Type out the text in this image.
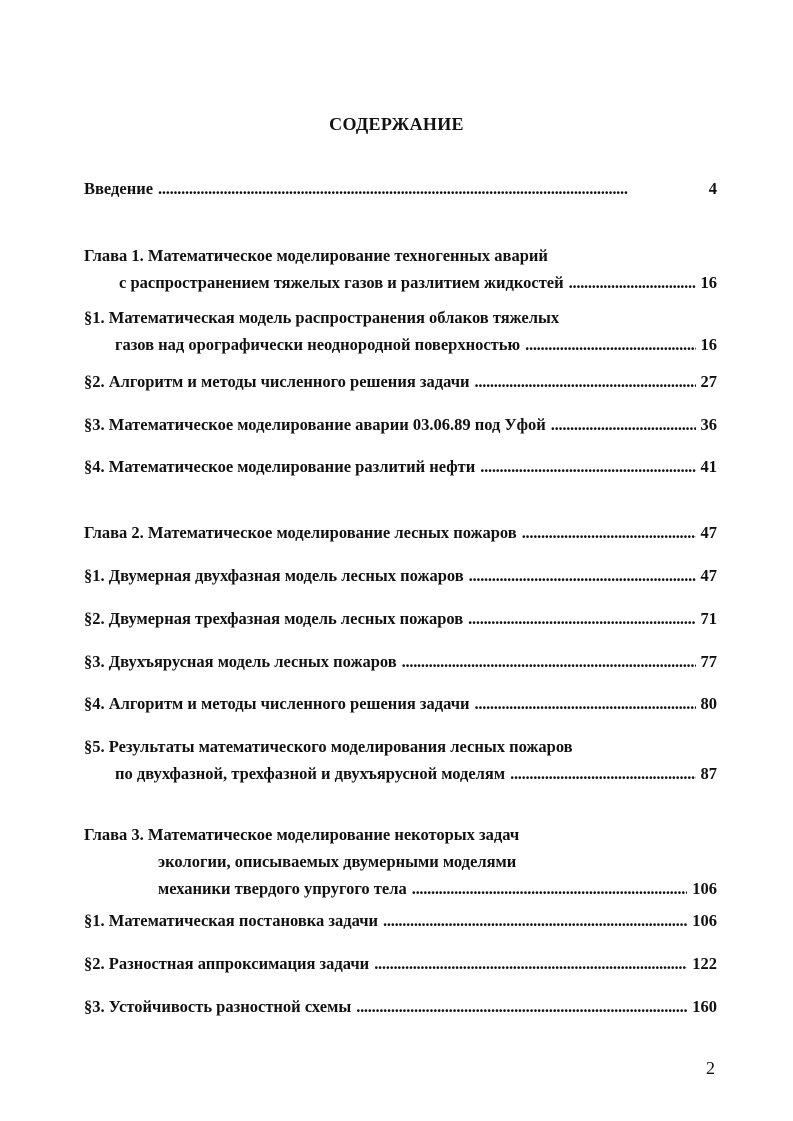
СОДЕРЖАНИЕ
Введение . . .	4
Глава 1. Математическое моделирование техногенных аварий
с распространением тяжелых газов и разлитием жидкостей . . .	16
§1. Математическая модель распространения облаков тяжелых
газов над орографически неоднородной поверхностью . . .	16
§2. Алгоритм и методы численного решения задачи . . .	27
§3. Математическое моделирование аварии 03.06.89 под Уфой . . .	36
§4. Математическое моделирование разлитий нефти . . .	41
Глава 2. Математическое моделирование лесных пожаров . . .	47
§1. Двумерная двухфазная модель лесных пожаров . . .	47
§2. Двумерная трехфазная модель лесных пожаров . . .	71
§3. Двухъярусная модель лесных пожаров . . .	77
§4. Алгоритм и методы численного решения задачи . . .	80
§5. Результаты математического моделирования лесных пожаров
по двухфазной, трехфазной и двухъярусной моделям . . .	87
Глава 3. Математическое моделирование некоторых задач
экологии, описываемых двумерными моделями
механики твердого упругого тела . . .	106
§1. Математическая постановка задачи . . .	106
§2. Разностная аппроксимация задачи . . .	122
§3. Устойчивость разностной схемы . . .	160
2
